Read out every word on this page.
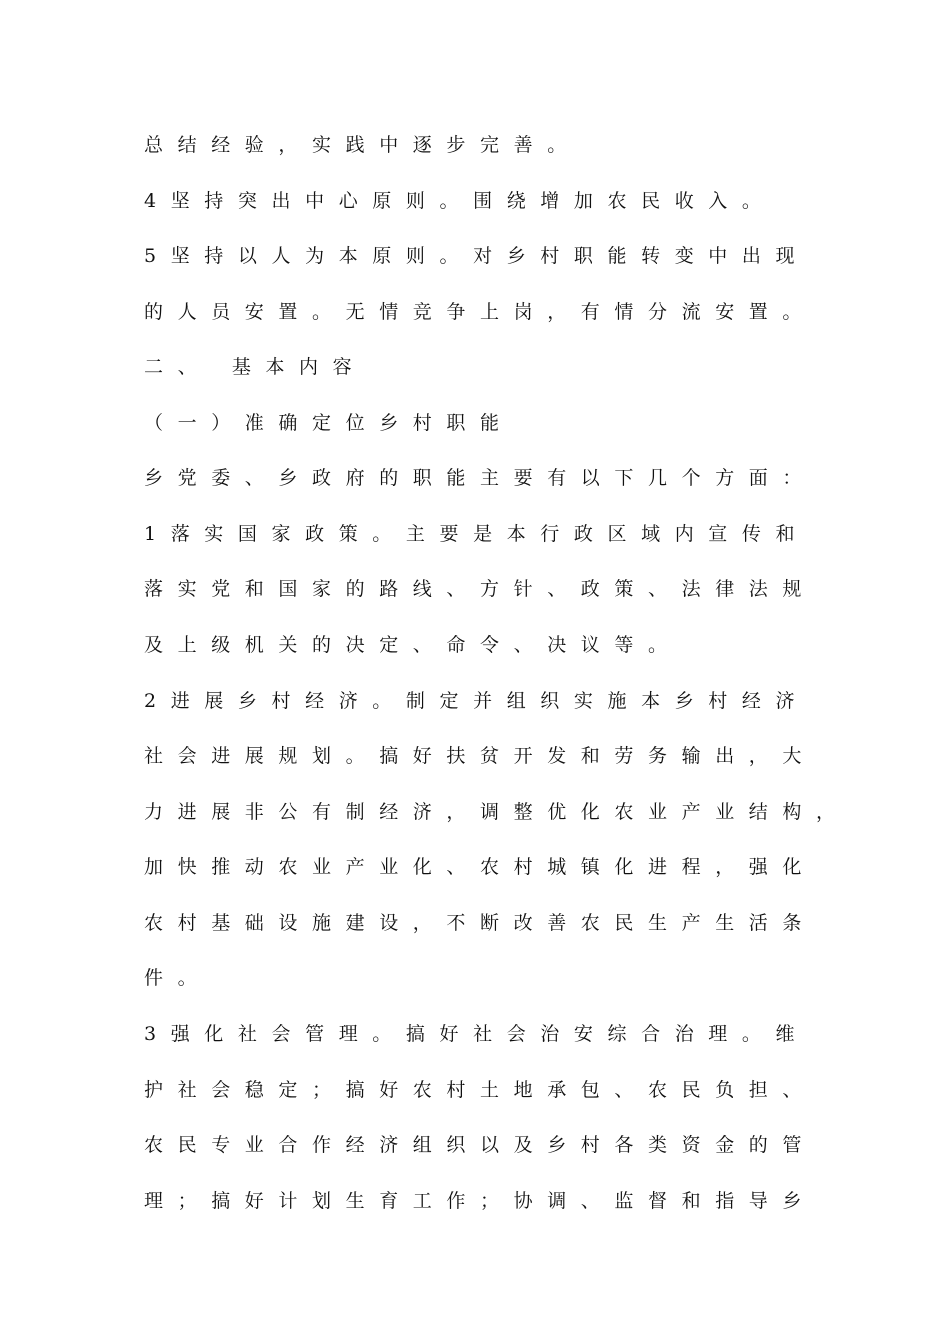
总结经验，实践中逐步完善。
4坚持突出中心原则。围绕增加农民收入。
5坚持以人为本原则。对乡村职能转变中出现
的人员安置。无情竞争上岗，有情分流安置。
二、 基本内容
（一）准确定位乡村职能
乡党委、乡政府的职能主要有以下几个方面：
1落实国家政策。主要是本行政区域内宣传和
落实党和国家的路线、方针、政策、法律法规
及上级机关的决定、命令、决议等。
2进展乡村经济。制定并组织实施本乡村经济
社会进展规划。搞好扶贫开发和劳务输出，大
力进展非公有制经济，调整优化农业产业结构，
加快推动农业产业化、农村城镇化进程，强化
农村基础设施建设，不断改善农民生产生活条
件。
3强化社会管理。搞好社会治安综合治理。维
护社会稳定；搞好农村土地承包、农民负担、
农民专业合作经济组织以及乡村各类资金的管
理；搞好计划生育工作；协调、监督和指导乡
